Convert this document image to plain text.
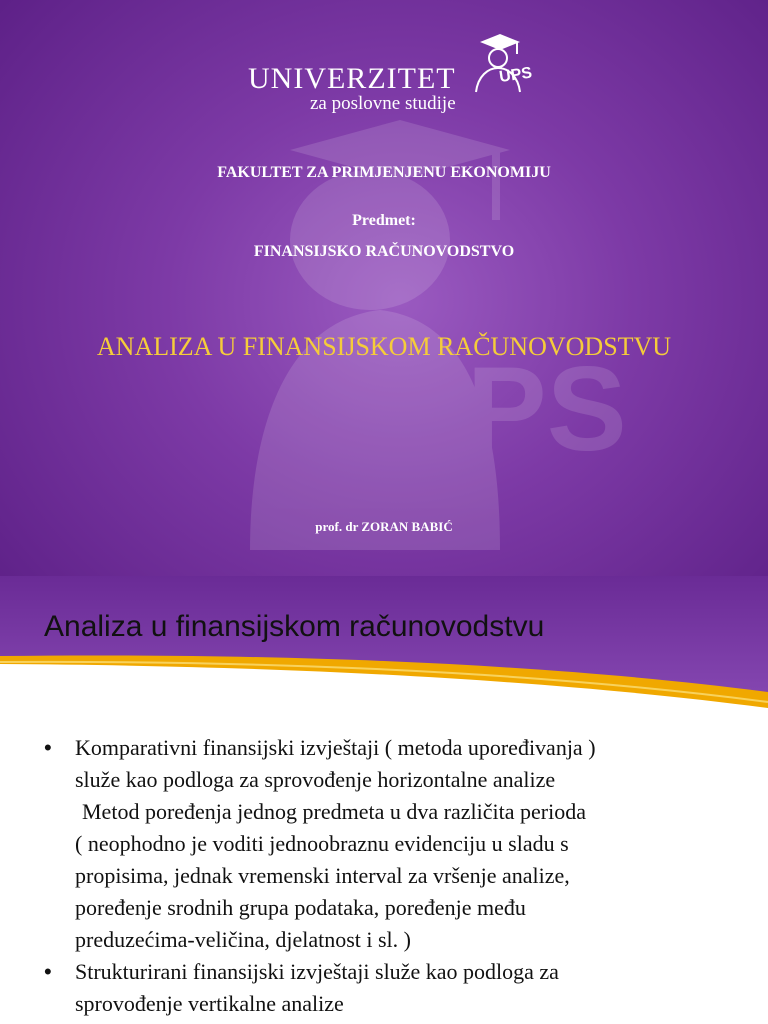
UPS
UNIVERZITET
za poslovne studije
UPS
FAKULTET ZA PRIMJENJENU EKONOMIJU
Predmet:
FINANSIJSKO RAČUNOVODSTVO
ANALIZA U FINANSIJSKOM RAČUNOVODSTVU
prof. dr ZORAN BABIĆ
Analiza u finansijskom računovodstvu
• Komparativni finansijski izvještaji ( metoda upoređivanja )
služe kao podloga za sprovođenje horizontalne analize
Metod poređenja jednog predmeta u dva različita perioda
( neophodno je voditi jednoobraznu evidenciju u sladu s
propisima, jednak vremenski interval za vršenje analize,
poređenje srodnih grupa podataka, poređenje među
preduzećima-veličina, djelatnost i sl. )
• Strukturirani finansijski izvještaji služe kao podloga za
sprovođenje vertikalne analize
